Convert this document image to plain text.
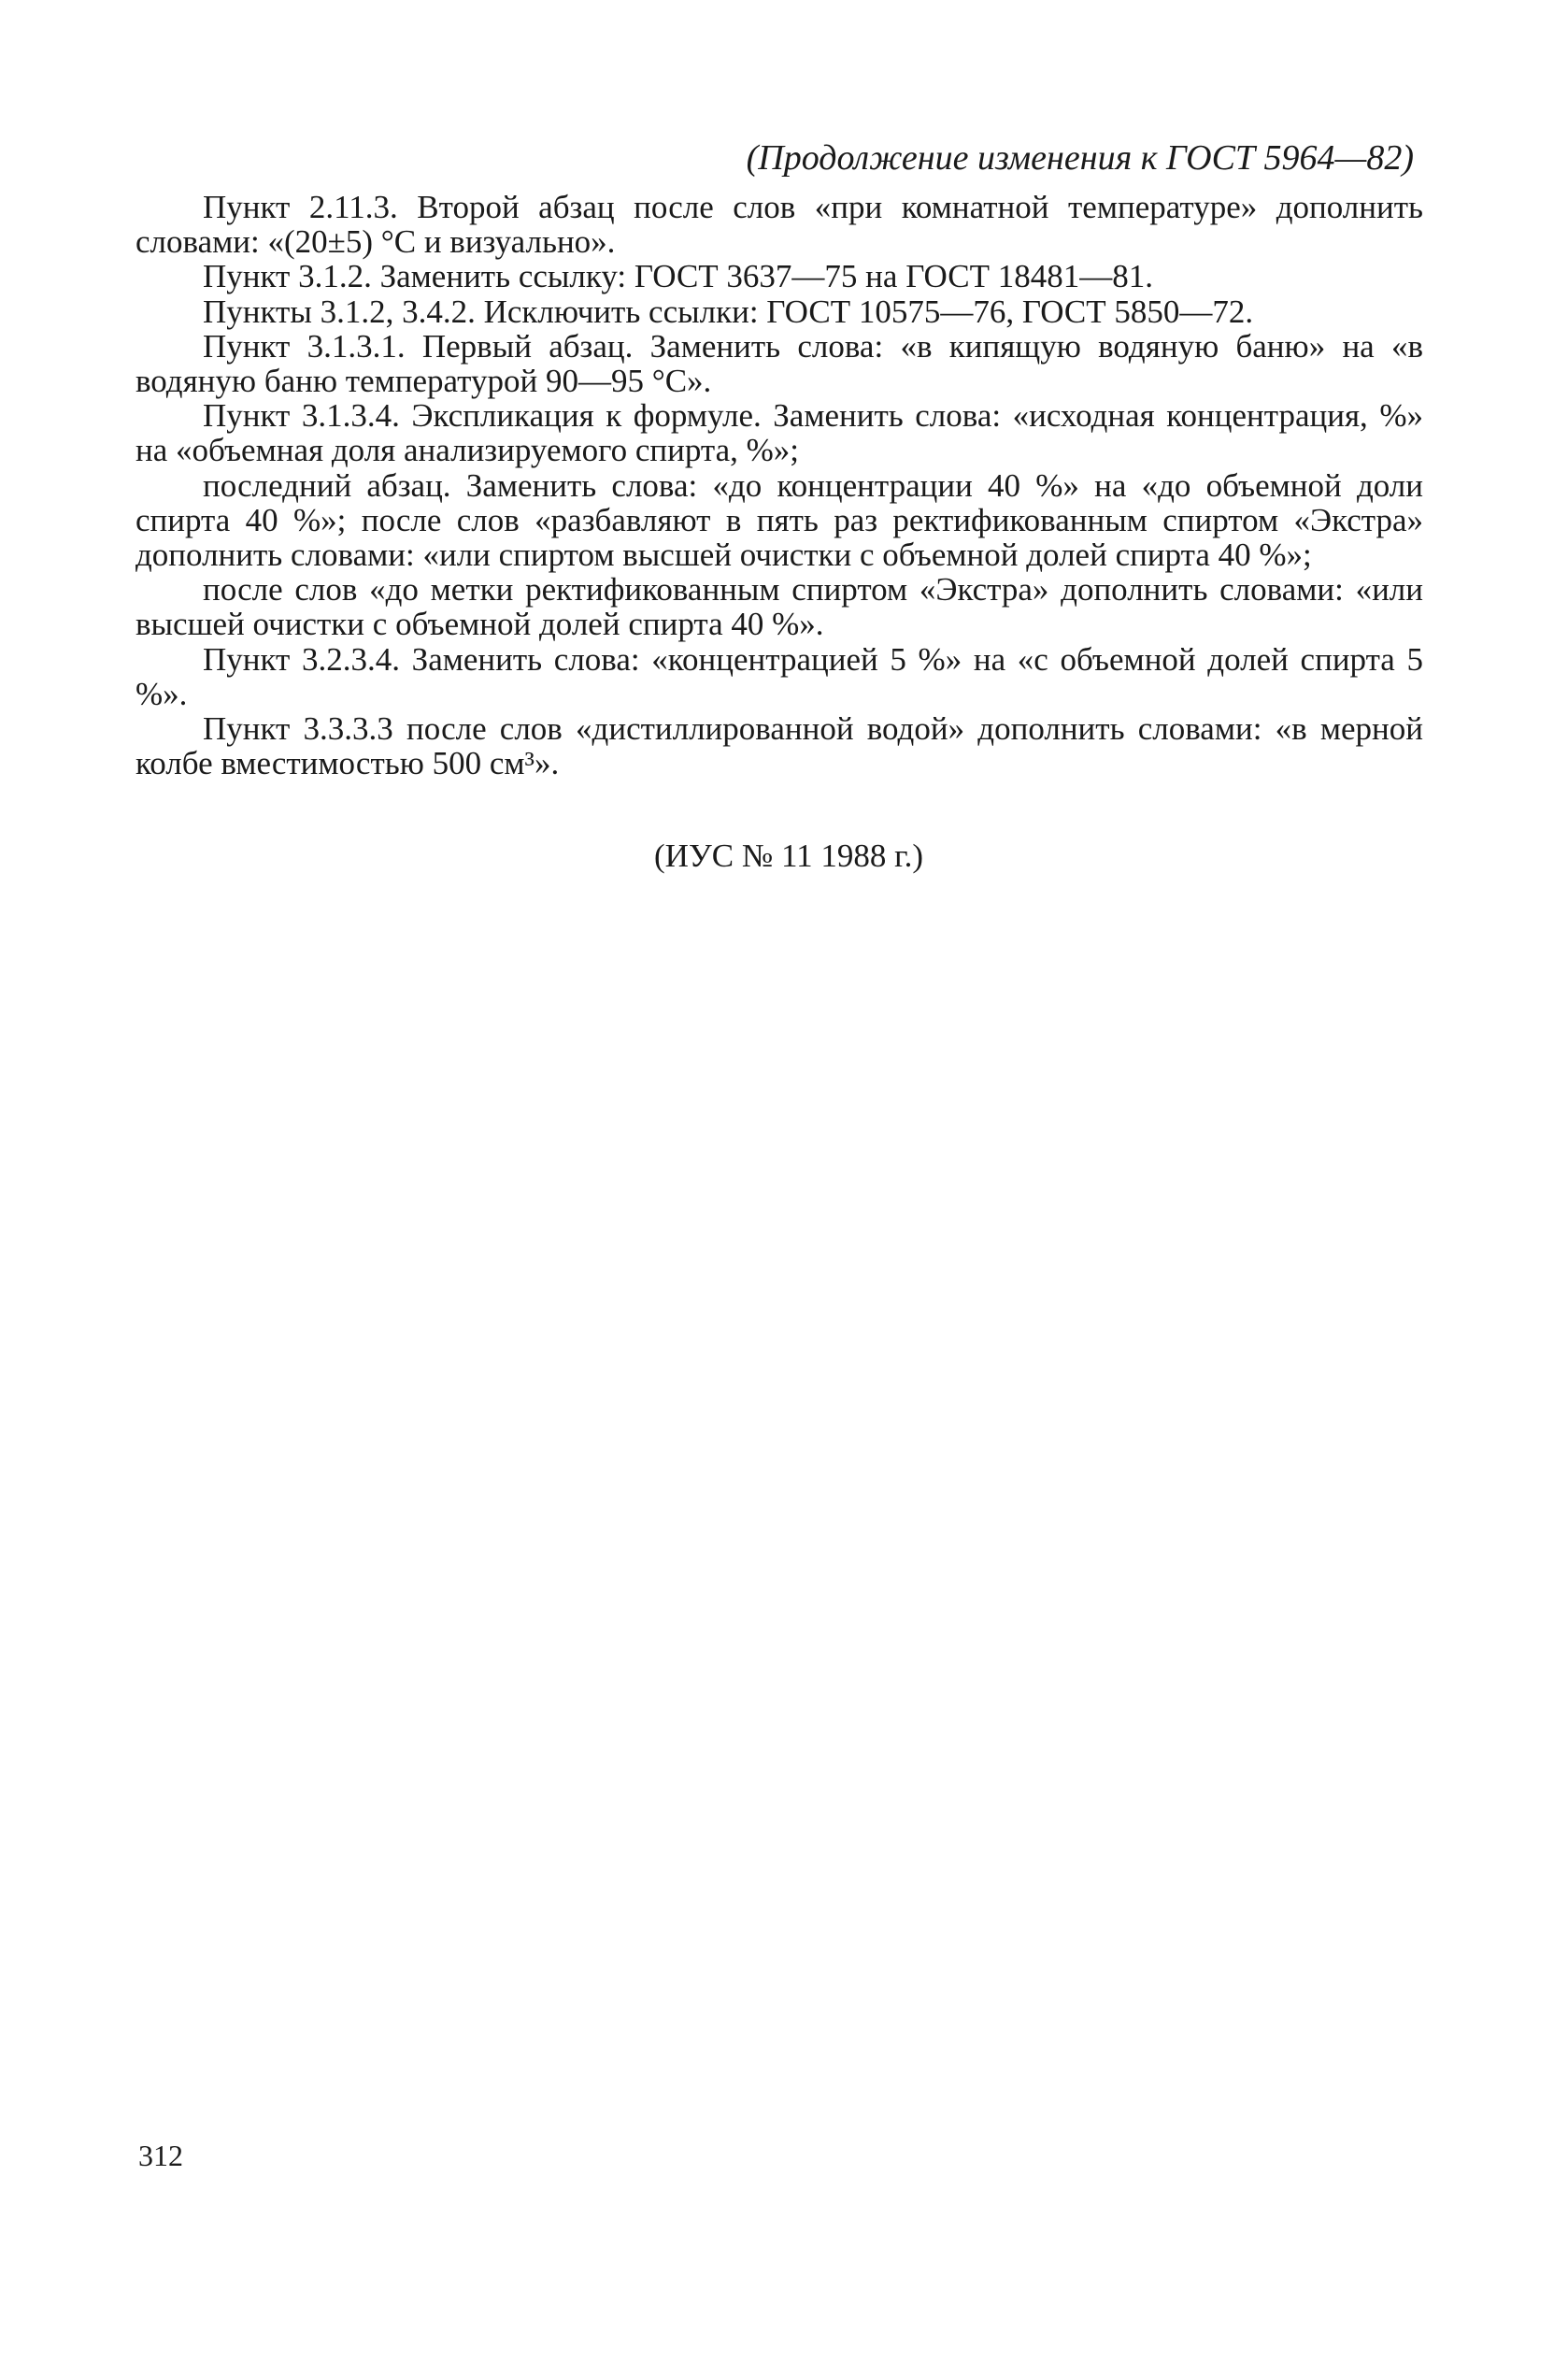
(Продолжение изменения к ГОСТ 5964—82)

Пункт 2.11.3. Второй абзац после слов «при комнатной температуре» дополнить словами: «(20±5) °С и визуально».

Пункт 3.1.2. Заменить ссылку: ГОСТ 3637—75 на ГОСТ 18481—81.

Пункты 3.1.2, 3.4.2. Исключить ссылки: ГОСТ 10575—76, ГОСТ 5850—72.

Пункт 3.1.3.1. Первый абзац. Заменить слова: «в кипящую водяную баню» на «в водяную баню температурой 90—95 °С».

Пункт 3.1.3.4. Экспликация к формуле. Заменить слова: «исходная концентрация, %» на «объемная доля анализируемого спирта, %»;

последний абзац. Заменить слова: «до концентрации 40 %» на «до объемной доли спирта 40 %»; после слов «разбавляют в пять раз ректификованным спиртом «Экстра» дополнить словами: «или спиртом высшей очистки с объемной долей спирта 40 %»;

после слов «до метки ректификованным спиртом «Экстра» дополнить словами: «или высшей очистки с объемной долей спирта 40 %».

Пункт 3.2.3.4. Заменить слова: «концентрацией 5 %» на «с объемной долей спирта 5 %».

Пункт 3.3.3.3 после слов «дистиллированной водой» дополнить словами: «в мерной колбе вместимостью 500 см³».

(ИУС № 11 1988 г.)
312
